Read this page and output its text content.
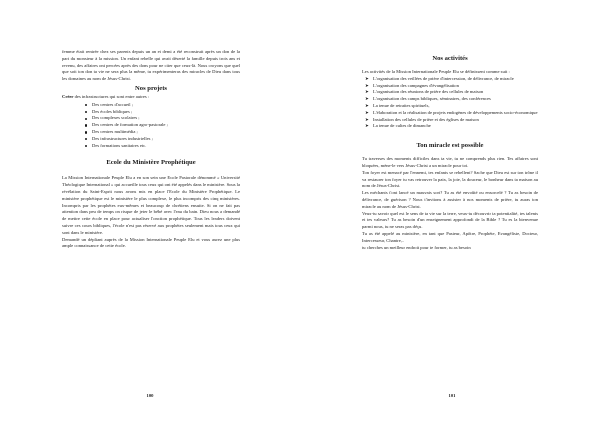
femme était rentrée chez ses parents depuis un an et demi a été reconstruit après un don de la part du monsieur à la mission. Un enfant rebelle qui avait déserté la famille depuis trois ans et revenu, des affaires ont percées après des dons pour ne citer que ceux-là. Nous croyons que quel que soit ton don ta vie ne sera plus la même, tu expérimenteras des miracles de Dieu dans tous les domaines au nom de Jésus-Christ.

Nos projets

Créer des infrastructures qui sont entre autres :

Des centres d'accueil ;
Des écoles bibliques ;
Des complexes scolaires ;
Des centres de formation agro-pastorale ;
Des centres multimédia ;
Des infrastructures industrielles ;
Des formations sanitaires etc.
Ecole du Ministère Prophétique

La Mission Internationale Peuple Elu a en son sein une Ecole Pastorale dénommé « Université Théologique International » qui accueille tous ceux qui ont été appelés dans le ministère. Sous la révélation du Saint-Esprit nous avons mis en place l'Ecole du Ministère Prophétique. Le ministère prophétique est le ministère le plus complexe, le plus incompris des cinq ministères. Incompris par les prophètes eux-mêmes et beaucoup de chrétiens ensuite. Si on ne fait pas attention dans peu de temps on risque de jeter le bébé avec l'eau du bain. Dieu nous a demandé de mettre cette école en place pour actualiser l'onction prophétique. Tous les leaders doivent suivre ces cours bibliques, l'école n'est pas réservé aux prophètes seulement mais tous ceux qui sont dans le ministère.

Demandé un dépliant auprès de la Mission Internationale Peuple Elu et vous aurez une plus ample connaissance de cette école.

100
Nos activités

Les activités de la Mission Internationale Peuple Elu se définissent comme suit :

➤ L'organisation des veillées de prière d'intercession, de délivrance, de miracle
➤ L'organisation des campagnes d'évangélisation
➤ L'organisation des réunions de prière des cellules de maison
➤ L'organisation des camps bibliques, séminaires, des conférences
➤ La tenue de retraites spirituels,
➤ L'élaboration et la réalisation de projets endogènes de développements socio-économique
➤ Installation des cellules de prière et des églises de maison
➤ La tenue de cultes de dimanche
Ton miracle est possible

Tu traverses des moments difficiles dans ta vie, tu ne comprends plus rien. Tes affaires sont bloquées, mène-le vers Jésus-Christ a un miracle pour toi.

Ton foyer est menacé par l'ennemi, tes enfants se rebellent? Sache que Dieu est sur ton trône il va restaurer ton foyer tu vas retrouver la paix, la joie, la douceur, le bonheur dans ta maison au nom de Jésus-Christ.

Les méchants t'ont lancé un mauvais sort? Tu as été envoûté ou ensorcelé ? Tu as besoin de délivrance, de guérison ? Nous t'invitons à assister à nos moments de prière, tu auras ton miracle au nom de Jésus-Christ.

Veux-tu savoir quel est le sens de ta vie sur la terre, veux-tu découvrir ta potentialité, tes talents et tes valeurs? Tu as besoin d'un enseignement approfondi de la Bible ? Tu es la bienvenue parmi nous, tu ne seras pas déçu.

Tu as été appelé au ministère, en tant que Pasteur, Apôtre, Prophète, Evangéliste, Docteur, Intercesseur, Chantre,..

tu cherches un meilleur endroit pour te former, tu as besoin

101
